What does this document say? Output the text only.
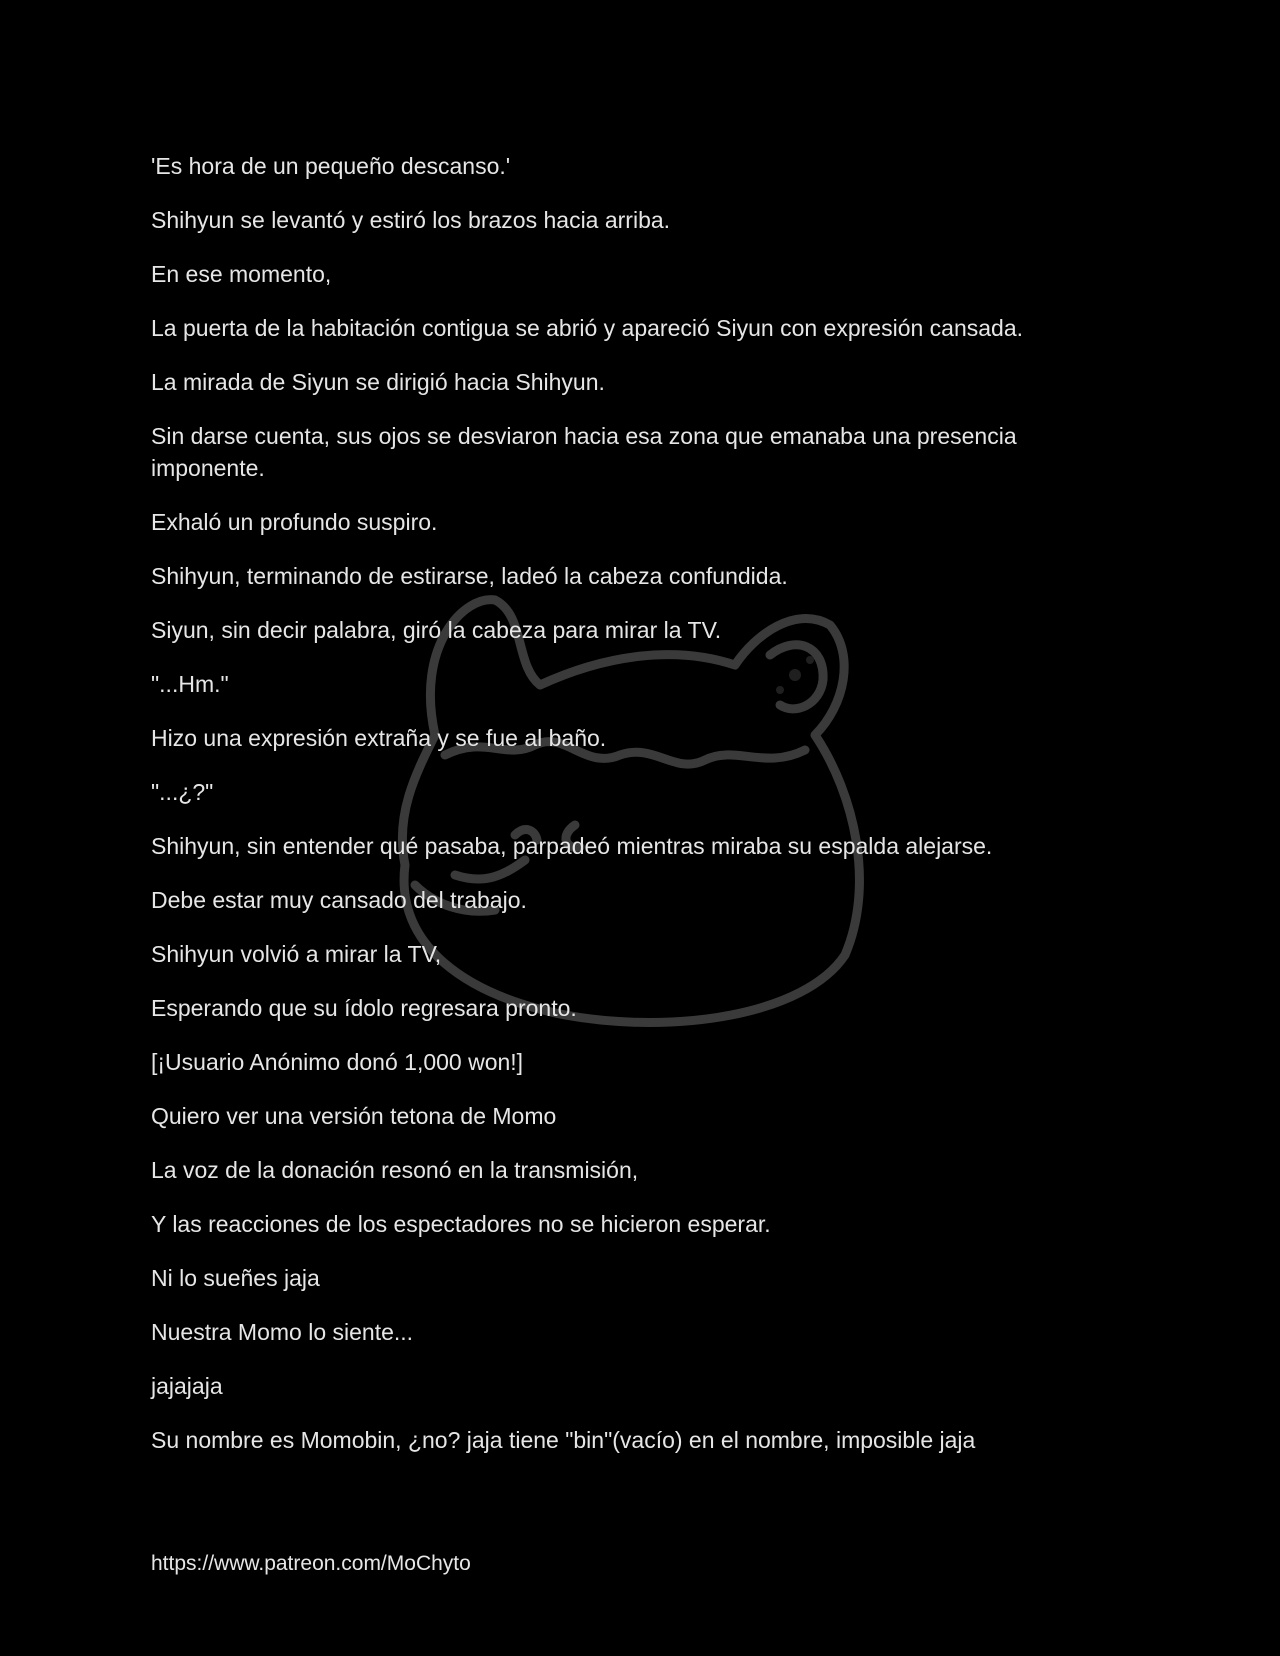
'Es hora de un pequeño descanso.'

Shihyun se levantó y estiró los brazos hacia arriba.

En ese momento,

La puerta de la habitación contigua se abrió y apareció Siyun con expresión cansada.

La mirada de Siyun se dirigió hacia Shihyun.

Sin darse cuenta, sus ojos se desviaron hacia esa zona que emanaba una presencia imponente.

Exhaló un profundo suspiro.

Shihyun, terminando de estirarse, ladeó la cabeza confundida.

Siyun, sin decir palabra, giró la cabeza para mirar la TV.

"...Hm."

Hizo una expresión extraña y se fue al baño.

"...¿?"

Shihyun, sin entender qué pasaba, parpadeó mientras miraba su espalda alejarse.

Debe estar muy cansado del trabajo.

Shihyun volvió a mirar la TV,

Esperando que su ídolo regresara pronto.

[¡Usuario Anónimo donó 1,000 won!]

Quiero ver una versión tetona de Momo

La voz de la donación resonó en la transmisión,

Y las reacciones de los espectadores no se hicieron esperar.

Ni lo sueñes jaja

Nuestra Momo lo siente...

jajajaja

Su nombre es Momobin, ¿no? jaja tiene "bin"(vacío) en el nombre, imposible jaja

https://www.patreon.com/MoChyto
